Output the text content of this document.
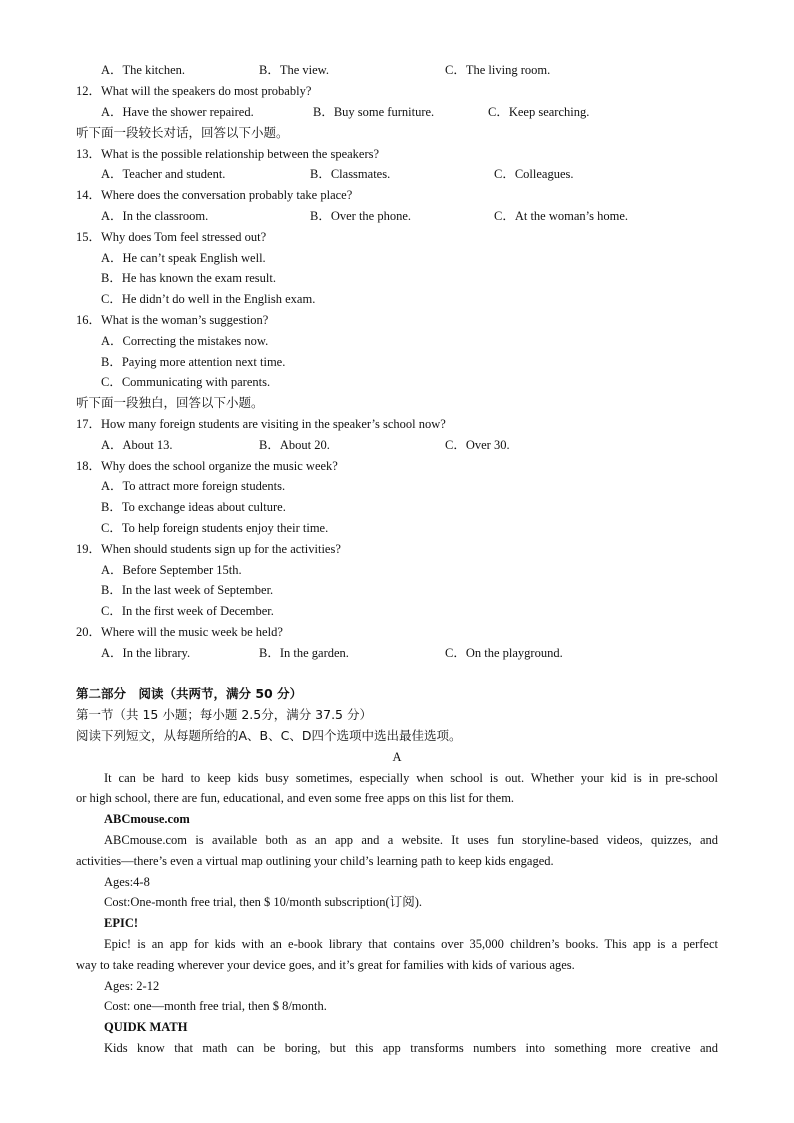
A．The kitchen.	B．The view.	C．The living room.
12．What will the speakers do most probably?
A．Have the shower repaired.	B．Buy some furniture.	C．Keep searching.
听下面一段较长对话，回答以下小题。
13．What is the possible relationship between the speakers?
A．Teacher and student.	B．Classmates.	C．Colleagues.
14．Where does the conversation probably take place?
A．In the classroom.	B．Over the phone.	C．At the woman’s home.
15．Why does Tom feel stressed out?
A．He can’t speak English well.
B．He has known the exam result.
C．He didn’t do well in the English exam.
16．What is the woman’s suggestion?
A．Correcting the mistakes now.
B．Paying more attention next time.
C．Communicating with parents.
听下面一段独白，回答以下小题。
17．How many foreign students are visiting in the speaker’s school now?
A．About 13.	B．About 20.	C．Over 30.
18．Why does the school organize the music week?
A．To attract more foreign students.
B．To exchange ideas about culture.
C．To help foreign students enjoy their time.
19．When should students sign up for the activities?
A．Before September 15th.
B．In the last week of September.
C．In the first week of December.
20．Where will the music week be held?
A．In the library.	B．In the garden.	C．On the playground.
第二部分　阅读（共两节，满分 50 分）
第一节（共 15 小题；每小题 2.5分，满分 37.5 分）
阅读下列短文，从每题所给的A、B、C、D四个选项中选出最佳选项。
A
It can be hard to keep kids busy sometimes, especially when school is out. Whether your kid is in pre-school
or high school, there are fun, educational, and even some free apps on this list for them.
ABCmouse.com
ABCmouse.com is available both as an app and a website. It uses fun storyline-based videos, quizzes, and
activities—there’s even a virtual map outlining your child’s learning path to keep kids engaged.
Ages:4-8
Cost:One-month free trial, then $ 10/month subscription(订阅).
EPIC!
Epic! is an app for kids with an e-book library that contains over 35,000 children’s books. This app is a perfect
way to take reading wherever your device goes, and it’s great for families with kids of various ages.
Ages: 2-12
Cost: one—month free trial, then $ 8/month.
QUIDK MATH
Kids know that math can be boring, but this app transforms numbers into something more creative and
